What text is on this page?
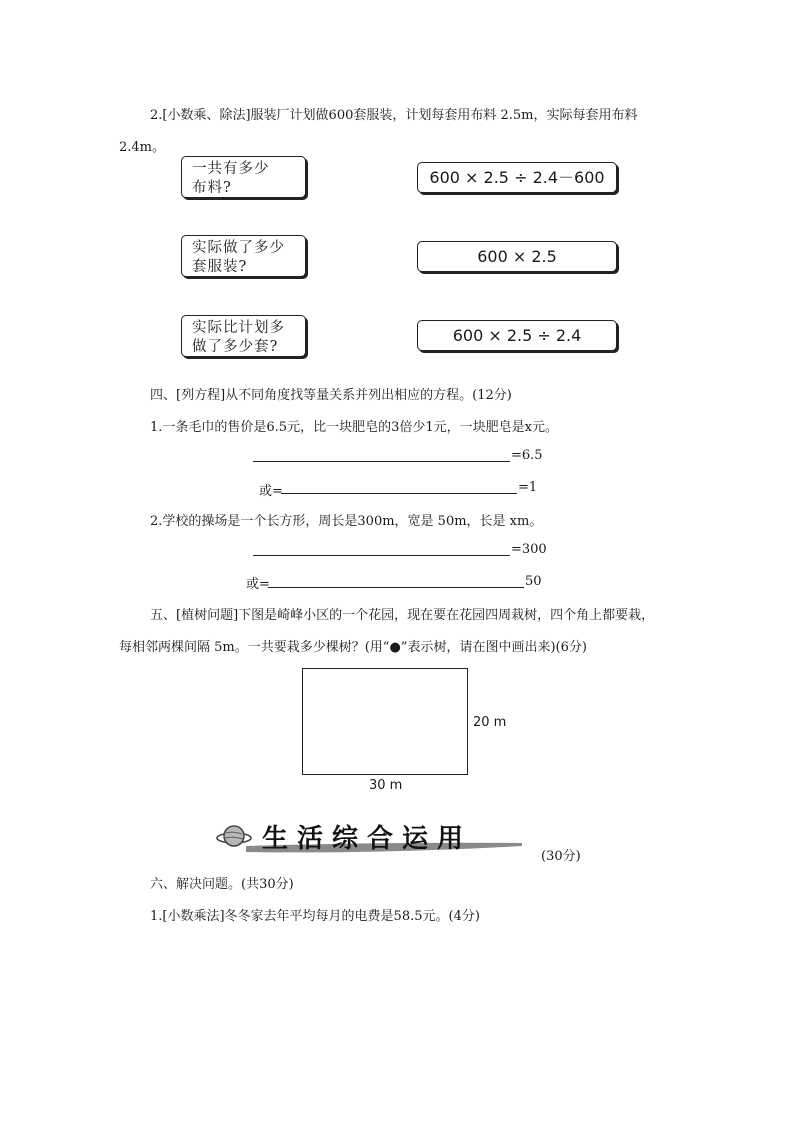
2.[小数乘、除法]服装厂计划做600套服装，计划每套用布料 2.5m，实际每套用布料
2.4m。
一共有多少
布料?
实际做了多少
套服装?
实际比计划多
做了多少套?
600 × 2.5 ÷ 2.4－600
600 × 2.5
600 × 2.5 ÷ 2.4
四、[列方程]从不同角度找等量关系并列出相应的方程。(12分)
1.一条毛巾的售价是6.5元，比一块肥皂的3倍少1元，一块肥皂是x元。
=6.5
或=	=1
2.学校的操场是一个长方形，周长是300m，宽是 50m，长是 xm。
=300
或=	50
五、[植树问题]下图是崎峰小区的一个花园，现在要在花园四周栽树，四个角上都要栽，
每相邻两棵间隔 5m。一共要栽多少棵树？(用“●”表示树，请在图中画出来)(6分)
20 m
30 m
生活综合运用
(30分)
六、解决问题。(共30分)
1.[小数乘法]冬冬家去年平均每月的电费是58.5元。(4分)
